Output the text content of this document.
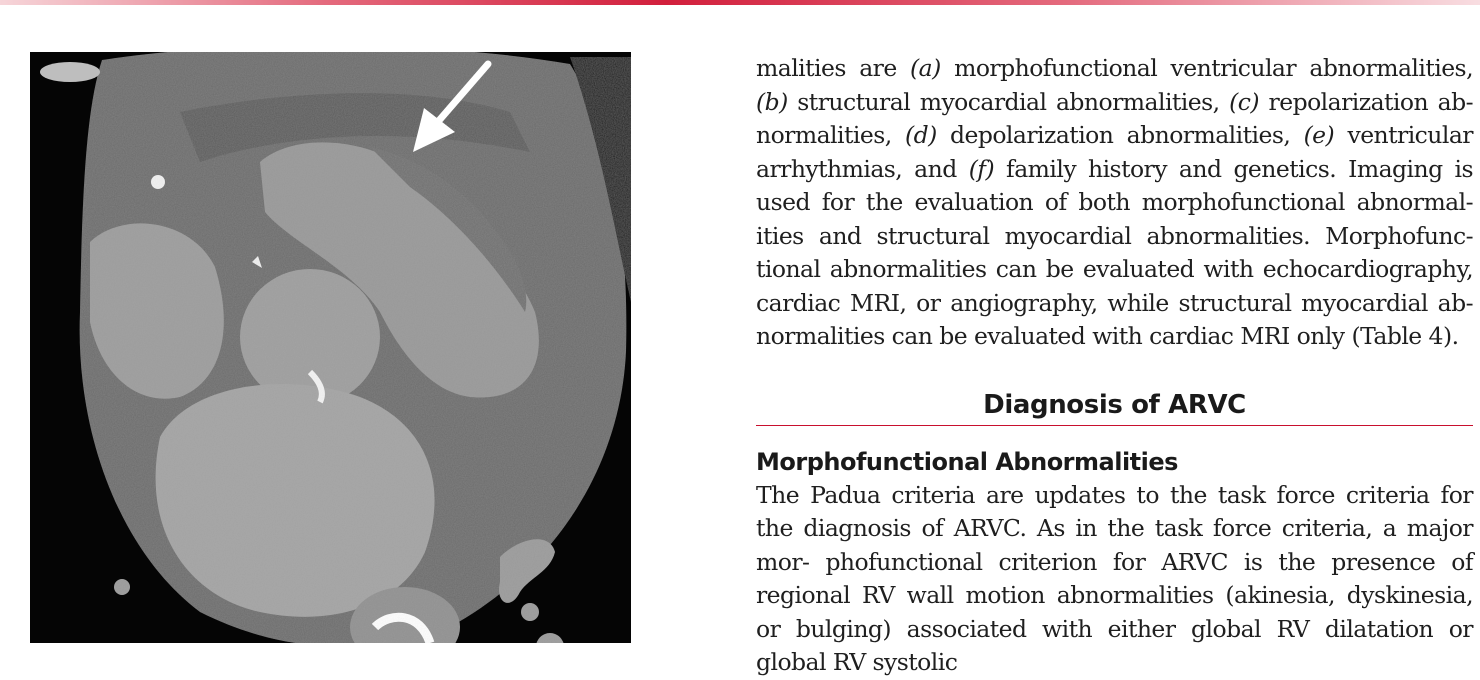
malities are (a) morphofunctional ventricular abnormalities, (b) structural myocardial abnormalities, (c) repolarization ab- normalities, (d) depolarization abnormalities, (e) ventricular arrhythmias, and (f) family history and genetics. Imaging is used for the evaluation of both morphofunctional abnormal- ities and structural myocardial abnormalities. Morphofunc- tional abnormalities can be evaluated with echocardiography, cardiac MRI, or angiography, while structural myocardial ab- normalities can be evaluated with cardiac MRI only (Table 4).

Diagnosis of ARVC
Morphofunctional Abnormalities

The Padua criteria are updates to the task force criteria for the diagnosis of ARVC. As in the task force criteria, a major mor- phofunctional criterion for ARVC is the presence of regional RV wall motion abnormalities (akinesia, dyskinesia, or bulging) associated with either global RV dilatation or global RV systolic
